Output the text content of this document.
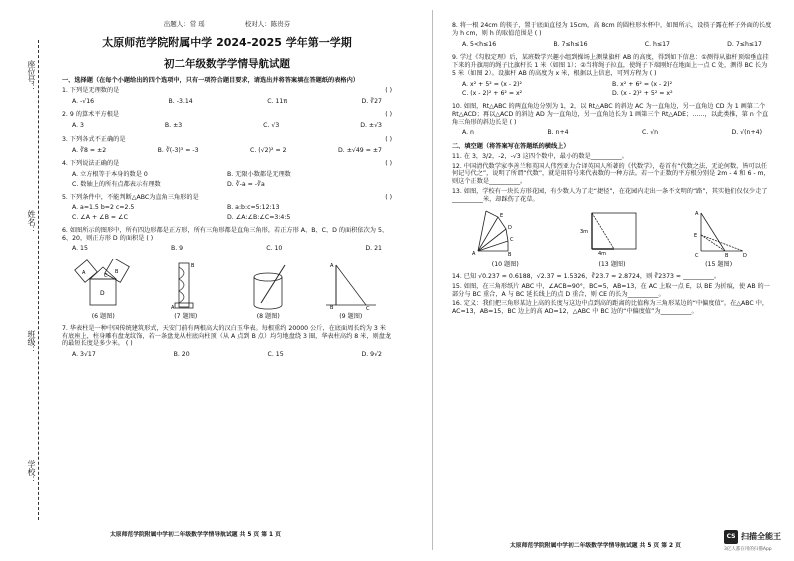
座位号：
姓名：
班级：
学校：
出题人：常 瑶	校对人：陈贵芬
太原师范学院附属中学 2024-2025 学年第一学期
初二年级数学学情导航试题
一、选择题（在每个小题给出的四个选项中，只有一项符合题目要求，请选出并将答案填在答题纸的表格内）
1. 下列是无理数的是	( )
A. -√16	B. -3.14	C. 11π	D. ∛27
2. 9 的算术平方根是	( )
A. 3	B. ±3	C. √3	D. ±√3
3. 下列各式不正确的是	( )
A. ∛8 = ±2	B. ∛(-3)³ = -3	C. (√2)² = 2	D. ±√49 = ±7
4. 下列说法正确的是	( )
A. 立方根等于本身的数是 0	B. 无限小数都是无理数
C. 数轴上的所有点都表示有理数	D. ∛-a = -∛a
5. 下列条件中，不能判断△ABC为直角三角形的是	( )
A. a=1.5 b=2 c=2.5	B. a:b:c=5:12:13
C. ∠A + ∠B = ∠C	D. ∠A:∠B:∠C=3:4:5
6. 如图所示的图形中，所有四边形都是正方形，所有三角形都是直角三角形，若正方形 A、B、C、D 的面积依次为 5、6、20，则正方形 D 的面积是 ( )
A. 15	B. 9	C. 10	D. 21
D
A	B
C
A
B	A
B	C
(6 题图)	(7 题图)	(8 题图)	(9 题图)
7. 华表柱是一种中国传统建筑形式，天安门前有两根高大的汉白玉华表。每根重约 20000 公斤，在底面周长约为 3 米有底座上，柱身雕有盘龙纹饰，若一条盘龙从柱底向柱顶（从 A 点到 B 点）均匀地盘绕 3 圈，华表柱高约 8 米，则盘龙的最短长度是多少米。 ( )
A. 3√17	B. 20	C. 15	D. 9√2
太原师范学院附属中学初二年级数学学情导航试题 共 5 页 第 1 页
8. 将一根 24cm 的筷子，置于底面直径为 15cm，高 8cm 的圆柱形水杯中，如图所示，设筷子露在杯子外面的长度为 h cm，则 h 的取值范围是 ( )
A. 5<h≤16	B. 7≤h≤16	C. h≤17	D. 7≤h≤17
9. 学过《勾股定理》后，某班数学兴趣小组到操场上测量旗杆 AB 的高度，得到如下信息：①测得从旗杆顶端垂直挂下来的升旗用的绳子比旗杆长 1 米（如图 1）；②当将绳子拉直，使绳子下端刚好在地面上一点 C 处，测得 BC 长为 5 米（如图 2）。设旗杆 AB 的高度为 x 米，根据以上信息，可列方程为 ( )
A. x² + 5² = (x - 2)²	B. x² + 6² = (x - 2)²
C. (x - 2)² + 6² = x²	D. (x - 2)² + 5² = x²
10. 如图，Rt△ABC 的两直角边分别为 1，2，以 Rt△ABC 的斜边 AC 为一直角边，另一直角边 CD 为 1 画第二个 Rt△ACD；再以△ACD 的斜边 AD 为一直角边，另一直角边长为 1 画第三个 Rt△ADE；……，以此类推，第 n 个直角三角形的斜边长是 ( )
A. n	B. n+4	C. √n	D. √(n+4)
二、填空题（将答案写在答题纸的横线上）
11. 在 3，3/2，-2，-√3 这四个数中，最小的数是__________。
12. 中国清代数学家李善兰和英国人伟烈亚力合译英国人所著的《代数学》，卷首有“代数之法，无论何数，皆可以任何记号代之”，说明了所谓“代数”，就是用符号来代表数的一种方法。若一个正数的平方根分别是 2m - 4 和 6 - m，则这个正数是__________。
13. 如图，学校有一块长方形花园，有少数人为了走“捷径”，在花园内走出一条不文明的“路”，其实他们仅仅少走了__________米，却踩伤了花草。
A	B
C
D
E
3m
4m
A
E
B
C	D
(10 题图)	(13 题图)	(15 题图)
14. 已知 √0.237 ≈ 0.6188，√2.37 ≈ 1.5326，∛23.7 ≈ 2.8724，则 ∛2373 ≈ __________。
15. 如图，在三角形纸片 ABC 中，∠ACB=90°，BC=5，AB=13，在 AC 上取一点 E，以 BE 为折痕，使 AB 的一部分与 BC 重合，A 与 BC 延长线上的点 D 重合，则 CE 的长为__________。
16. 定义：我们把三角形某边上高的长度与这边中点到高的距离的比值称为三角形某边的“中偏度值”。在△ABC 中，AC=13，AB=15，BC 边上的高 AD=12，△ABC 中 BC 边的“中偏度值”为__________。
太原师范学院附属中学初二年级数学学情导航试题 共 5 页 第 2 页
CS 扫描全能王
3亿人都在用的扫描App
